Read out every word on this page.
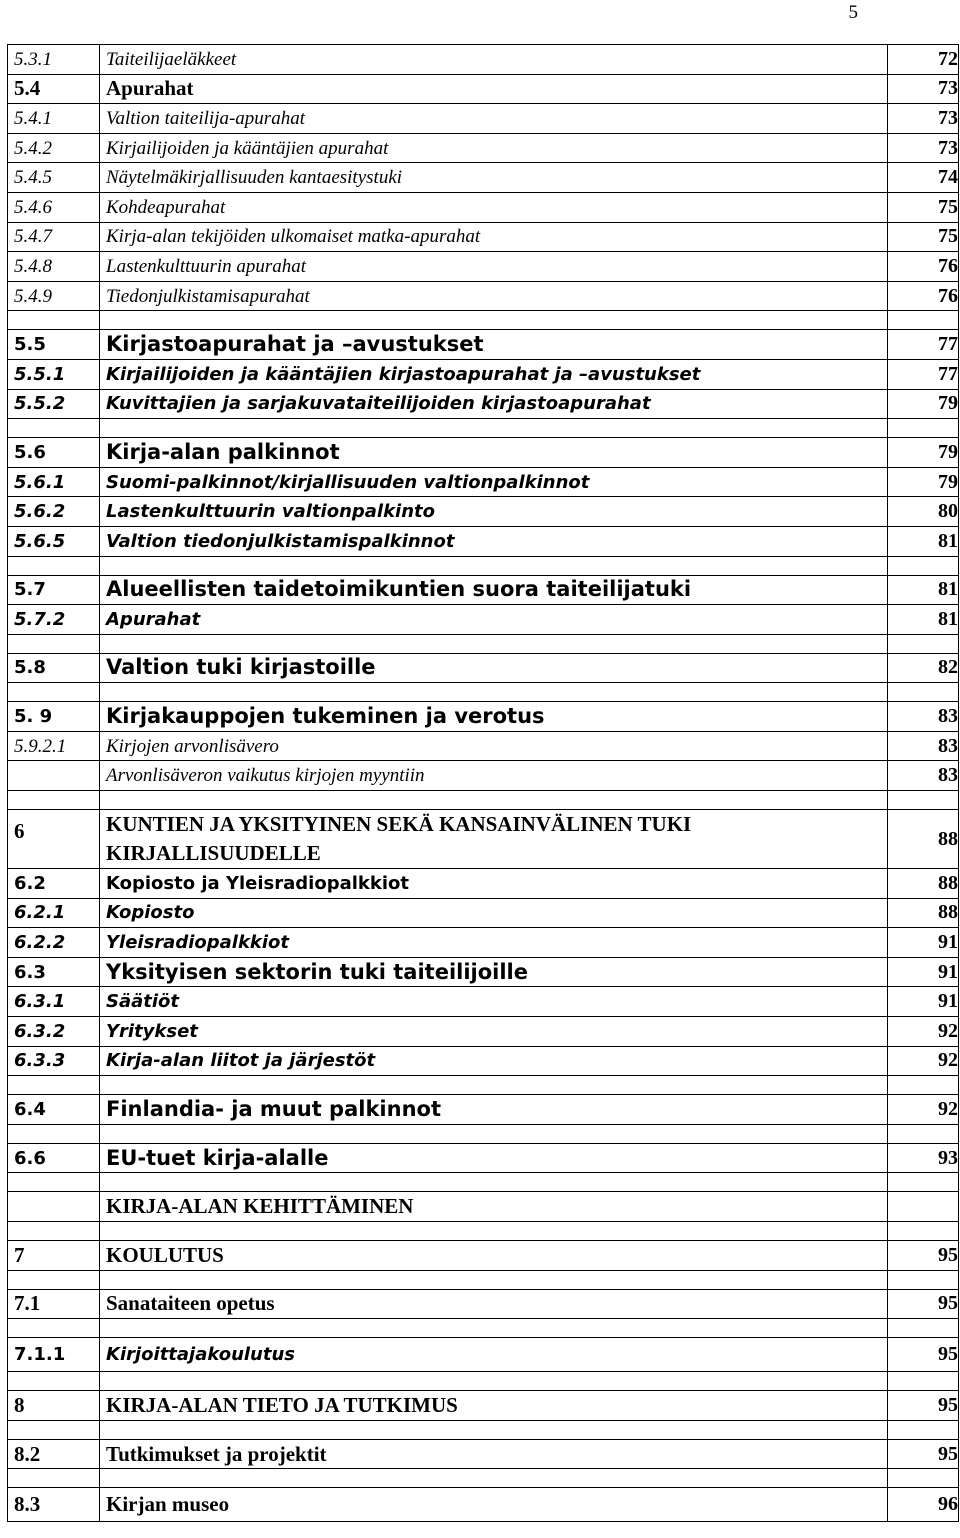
5
5.3.1	Taiteilijaeläkkeet	72
5.4	Apurahat	73
5.4.1	Valtion taiteilija-apurahat	73
5.4.2	Kirjailijoiden ja kääntäjien apurahat	73
5.4.5	Näytelmäkirjallisuuden kantaesitystuki	74
5.4.6	Kohdeapurahat	75
5.4.7	Kirja-alan tekijöiden ulkomaiset matka-apurahat	75
5.4.8	Lastenkulttuurin apurahat	76
5.4.9	Tiedonjulkistamisapurahat	76

5.5	Kirjastoapurahat ja –avustukset	77
5.5.1	Kirjailijoiden ja kääntäjien kirjastoapurahat ja –avustukset	77
5.5.2	Kuvittajien ja sarjakuvataiteilijoiden kirjastoapurahat	79

5.6	Kirja-alan palkinnot	79
5.6.1	Suomi-palkinnot/kirjallisuuden valtionpalkinnot	79
5.6.2	Lastenkulttuurin valtionpalkinto	80
5.6.5	Valtion tiedonjulkistamispalkinnot	81

5.7	Alueellisten taidetoimikuntien suora taiteilijatuki	81
5.7.2	Apurahat	81

5.8	Valtion tuki kirjastoille	82

5. 9	Kirjakauppojen tukeminen ja verotus	83
5.9.2.1	Kirjojen arvonlisävero	83
	Arvonlisäveron vaikutus kirjojen myyntiin	83

6	KUNTIEN JA YKSITYINEN SEKÄ KANSAINVÄLINEN TUKI KIRJALLISUUDELLE	88
6.2	Kopiosto ja Yleisradiopalkkiot	88
6.2.1	Kopiosto	88
6.2.2	Yleisradiopalkkiot	91
6.3	Yksityisen sektorin tuki taiteilijoille	91
6.3.1	Säätiöt	91
6.3.2	Yritykset	92
6.3.3	Kirja-alan liitot ja järjestöt	92

6.4	Finlandia- ja muut palkinnot	92

6.6	EU-tuet kirja-alalle	93

	KIRJA-ALAN KEHITTÄMINEN	

7	KOULUTUS	95

7.1	Sanataiteen opetus	95

7.1.1	Kirjoittajakoulutus	95

8	KIRJA-ALAN TIETO JA TUTKIMUS	95

8.2	Tutkimukset ja projektit	95

8.3	Kirjan museo	96
